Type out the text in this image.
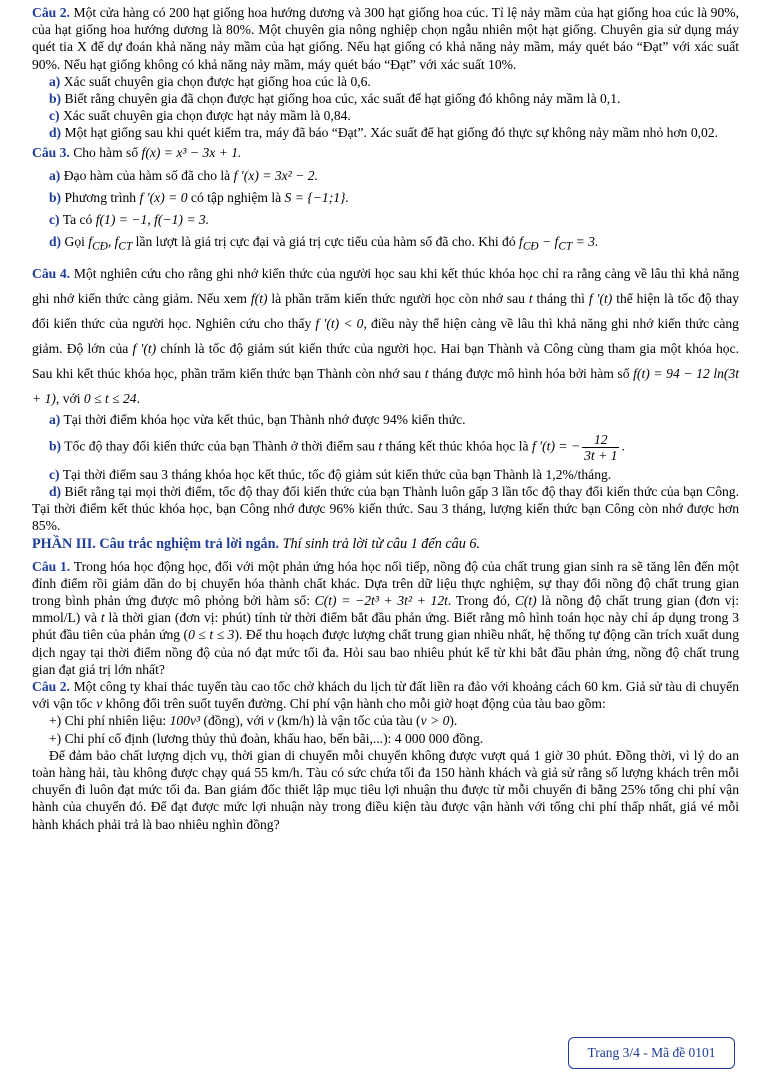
Câu 2. Một cửa hàng có 200 hạt giống hoa hướng dương và 300 hạt giống hoa cúc. Tỉ lệ nảy mầm của hạt giống hoa cúc là 90%, của hạt giống hoa hướng dương là 80%. Một chuyên gia nông nghiệp chọn ngẫu nhiên một hạt giống. Chuyên gia sử dụng máy quét tia X để dự đoán khả năng nảy mầm của hạt giống. Nếu hạt giống có khả năng nảy mầm, máy quét báo “Đạt” với xác suất 90%. Nếu hạt giống không có khả năng nảy mầm, máy quét báo “Đạt” với xác suất 10%.

a) Xác suất chuyên gia chọn được hạt giống hoa cúc là 0,6.

b) Biết rằng chuyên gia đã chọn được hạt giống hoa cúc, xác suất để hạt giống đó không nảy mầm là 0,1.

c) Xác suất chuyên gia chọn được hạt nảy mầm là 0,84.

d) Một hạt giống sau khi quét kiểm tra, máy đã báo “Đạt”. Xác suất để hạt giống đó thực sự không nảy mầm nhỏ hơn 0,02.

Câu 3. Cho hàm số f(x) = x³ − 3x + 1.

a) Đạo hàm của hàm số đã cho là f ′(x) = 3x² − 2.

b) Phương trình f ′(x) = 0 có tập nghiệm là S = {−1;1}.

c) Ta có f(1) = −1, f(−1) = 3.

d) Gọi $f_{CĐ}$, $f_{CT}$ lần lượt là giá trị cực đại và giá trị cực tiểu của hàm số đã cho. Khi đó $f_{CĐ} - f_{CT} = 3$.

Câu 4. Một nghiên cứu cho rằng ghi nhớ kiến thức của người học sau khi kết thúc khóa học chỉ ra rằng càng về lâu thì khả năng ghi nhớ kiến thức càng giảm. Nếu xem f(t) là phần trăm kiến thức người học còn nhớ sau t tháng thì f ′(t) thể hiện là tốc độ thay đổi kiến thức của người học. Nghiên cứu cho thấy f ′(t) < 0, điều này thể hiện càng về lâu thì khả năng ghi nhớ kiến thức càng giảm. Độ lớn của f ′(t) chính là tốc độ giảm sút kiến thức của người học. Hai bạn Thành và Công cùng tham gia một khóa học. Sau khi kết thúc khóa học, phần trăm kiến thức bạn Thành còn nhớ sau t tháng được mô hình hóa bởi hàm số f(t) = 94 − 12 ln(3t + 1), với 0 ≤ t ≤ 24.

a) Tại thời điểm khóa học vừa kết thúc, bạn Thành nhớ được 94% kiến thức.

b) Tốc độ thay đổi kiến thức của bạn Thành ở thời điểm sau t tháng kết thúc khóa học là f ′(t) = − $\frac{12}{3t + 1}$ .

c) Tại thời điểm sau 3 tháng khóa học kết thúc, tốc độ giảm sút kiến thức của bạn Thành là 1,2%/tháng.

d) Biết rằng tại mọi thời điểm, tốc độ thay đổi kiến thức của bạn Thành luôn gấp 3 lần tốc độ thay đổi kiến thức của bạn Công. Tại thời điểm kết thúc khóa học, bạn Công nhớ được 96% kiến thức. Sau 3 tháng, lượng kiến thức bạn Công còn nhớ được hơn 85%.

PHẦN III. Câu trắc nghiệm trả lời ngắn. Thí sinh trả lời từ câu 1 đến câu 6.

Câu 1. Trong hóa học động học, đối với một phản ứng hóa học nối tiếp, nồng độ của chất trung gian sinh ra sẽ tăng lên đến một đỉnh điểm rồi giảm dần do bị chuyển hóa thành chất khác. Dựa trên dữ liệu thực nghiệm, sự thay đổi nồng độ chất trung gian trong bình phản ứng được mô phỏng bởi hàm số: C(t) = −2t³ + 3t² + 12t. Trong đó, C(t) là nồng độ chất trung gian (đơn vị: mmol/L) và t là thời gian (đơn vị: phút) tính từ thời điểm bắt đầu phản ứng. Biết rằng mô hình toán học này chỉ áp dụng trong 3 phút đầu tiên của phản ứng (0 ≤ t ≤ 3). Để thu hoạch được lượng chất trung gian nhiều nhất, hệ thống tự động cần trích xuất dung dịch ngay tại thời điểm nồng độ của nó đạt mức tối đa. Hỏi sau bao nhiêu phút kể từ khi bắt đầu phản ứng, nồng độ chất trung gian đạt giá trị lớn nhất?

Câu 2. Một công ty khai thác tuyến tàu cao tốc chở khách du lịch từ đất liền ra đảo với khoảng cách 60 km. Giả sử tàu di chuyển với vận tốc v không đổi trên suốt tuyến đường. Chi phí vận hành cho mỗi giờ hoạt động của tàu bao gồm:

+) Chi phí nhiên liệu: 100v³ (đồng), với v (km/h) là vận tốc của tàu (v > 0).

+) Chi phí cố định (lương thủy thủ đoàn, khấu hao, bến bãi,...): 4 000 000 đồng.

Để đảm bảo chất lượng dịch vụ, thời gian di chuyển mỗi chuyến không được vượt quá 1 giờ 30 phút. Đồng thời, vì lý do an toàn hàng hải, tàu không được chạy quá 55 km/h. Tàu có sức chứa tối đa 150 hành khách và giả sử rằng số lượng khách trên mỗi chuyến đi luôn đạt mức tối đa. Ban giám đốc thiết lập mục tiêu lợi nhuận thu được từ mỗi chuyến đi bằng 25% tổng chi phí vận hành của chuyến đó. Để đạt được mức lợi nhuận này trong điều kiện tàu được vận hành với tổng chi phí thấp nhất, giá vé mỗi hành khách phải trả là bao nhiêu nghìn đồng?

Trang 3/4 - Mã đề 0101
